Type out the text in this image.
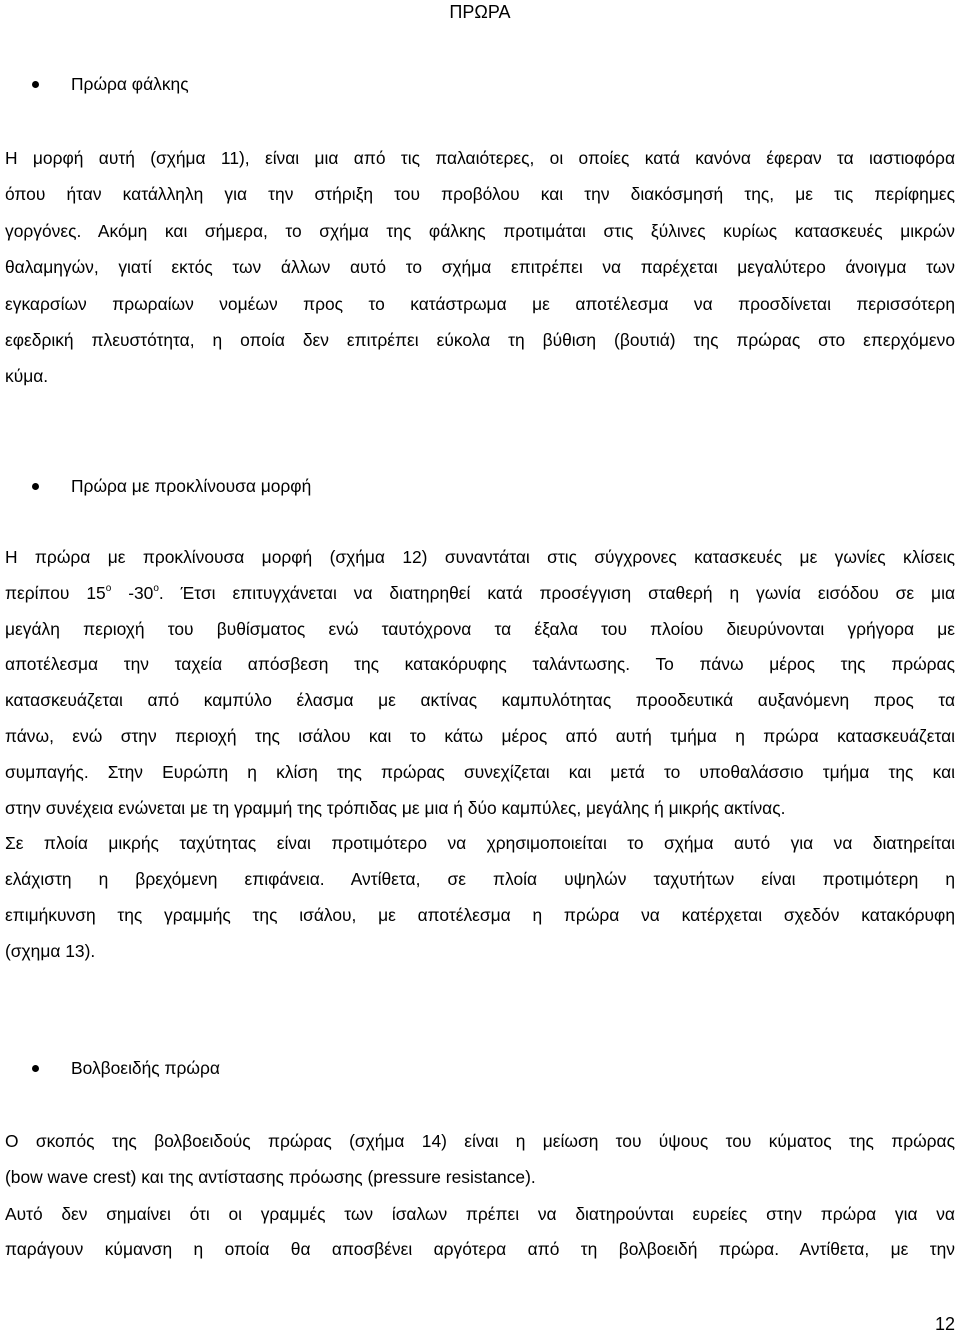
ΠΡΩΡΑ
Πρώρα φάλκης
Η μορφή αυτή (σχήμα 11), είναι μια από τις παλαιότερες, οι οποίες κατά κανόνα έφεραν τα ιαστιοφόρα
όπου ήταν κατάλληλη για την στήριξη του προβόλου και την διακόσμησή της, με τις περίφημες
γοργόνες. Ακόμη και σήμερα, το σχήμα της φάλκης προτιμάται στις ξύλινες κυρίως κατασκευές μικρών
θαλαμηγών, γιατί εκτός των άλλων αυτό το σχήμα επιτρέπει να παρέχεται μεγαλύτερο άνοιγμα των
εγκαρσίων πρωραίων νομέων προς το κατάστρωμα με αποτέλεσμα να προσδίνεται περισσότερη
εφεδρική πλευστότητα, η οποία δεν επιτρέπει εύκολα τη βύθιση (βουτιά) της πρώρας στο επερχόμενο
κύμα.
Πρώρα με προκλίνουσα μορφή
Η πρώρα με προκλίνουσα μορφή (σχήμα 12) συναντάται στις σύγχρονες κατασκευές με γωνίες κλίσεις
περίπου $15^o$ $-30^o$. Έτσι επιτυγχάνεται να διατηρηθεί κατά προσέγγιση σταθερή η γωνία εισόδου σε μια
μεγάλη περιοχή του βυθίσματος ενώ ταυτόχρονα τα έξαλα του πλοίου διευρύνονται γρήγορα με
αποτέλεσμα την ταχεία απόσβεση της κατακόρυφης ταλάντωσης. Το πάνω μέρος της πρώρας
κατασκευάζεται από καμπύλο έλασμα με ακτίνας καμπυλότητας προοδευτικά αυξανόμενη προς τα
πάνω, ενώ στην περιοχή της ισάλου και το κάτω μέρος από αυτή τμήμα η πρώρα κατασκευάζεται
συμπαγής. Στην Ευρώπη η κλίση της πρώρας συνεχίζεται και μετά το υποθαλάσσιο τμήμα της και
στην συνέχεια ενώνεται με τη γραμμή της τρόπιδας με μια ή δύο καμπύλες, μεγάλης ή μικρής ακτίνας.
Σε πλοία μικρής ταχύτητας είναι προτιμότερο να χρησιμοποιείται το σχήμα αυτό για να διατηρείται
ελάχιστη η βρεχόμενη επιφάνεια. Αντίθετα, σε πλοία υψηλών ταχυτήτων είναι προτιμότερη η
επιμήκυνση της γραμμής της ισάλου, με αποτέλεσμα η πρώρα να κατέρχεται σχεδόν κατακόρυφη
(σχημα 13).
Βολβοειδής πρώρα
Ο σκοπός της βολβοειδούς πρώρας (σχήμα 14) είναι η μείωση του ύψους του κύματος της πρώρας
(bow wave crest) και της αντίστασης πρόωσης (pressure resistance).
Αυτό δεν σημαίνει ότι οι γραμμές των ίσαλων πρέπει να διατηρούνται ευρείες στην πρώρα για να
παράγουν κύμανση η οποία θα αποσβένει αργότερα από τη βολβοειδή πρώρα. Αντίθετα, με την
12
